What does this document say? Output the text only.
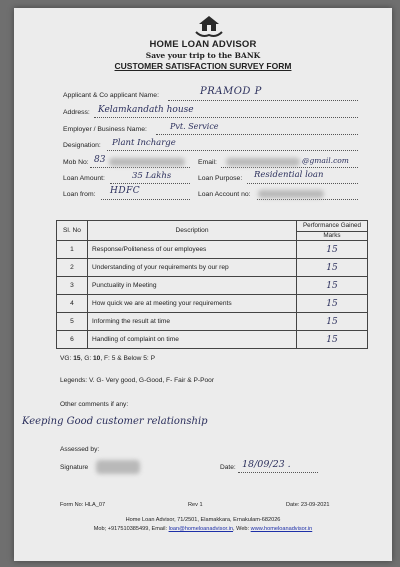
HOME LOAN ADVISOR
Save your trip to the BANK
CUSTOMER SATISFACTION SURVEY FORM
Applicant & Co applicant Name:	PRAMOD P
Address: Kelamkandath house
Employer / Business Name:	Pvt. Service
Designation: Plant Incharge
Mob No: 83	Email:	@gmail.com
Loan Amount:	35 Lakhs	Loan Purpose: Residential loan
Loan from: HDFC	Loan Account no:
Sl. No	Description	Performance Gained
Marks

1	Response/Politeness of our employees	15
2	Understanding of your requirements by our rep	15
3	Punctuality in Meeting	15
4	How quick we are at meeting your requirements	15
5	Informing the result at time	15
6	Handling of complaint on time	15
VG: 15, G: 10, F: 5 & Below 5: P
Legends: V. G- Very good, G-Good, F- Fair & P-Poor
Other comments if any:
Keeping Good customer relationship
Assessed by:
Signature	Date: 18/09/23 .
Form No: HLA_07	Rev 1	Date: 23-09-2021
Home Loan Advisor, 71/2501, Elamakkara, Ernakulam-682026
Mob; +917510385499, Email: loan@homeloanadvisor.in, Web: www.homeloanadvisor.in
